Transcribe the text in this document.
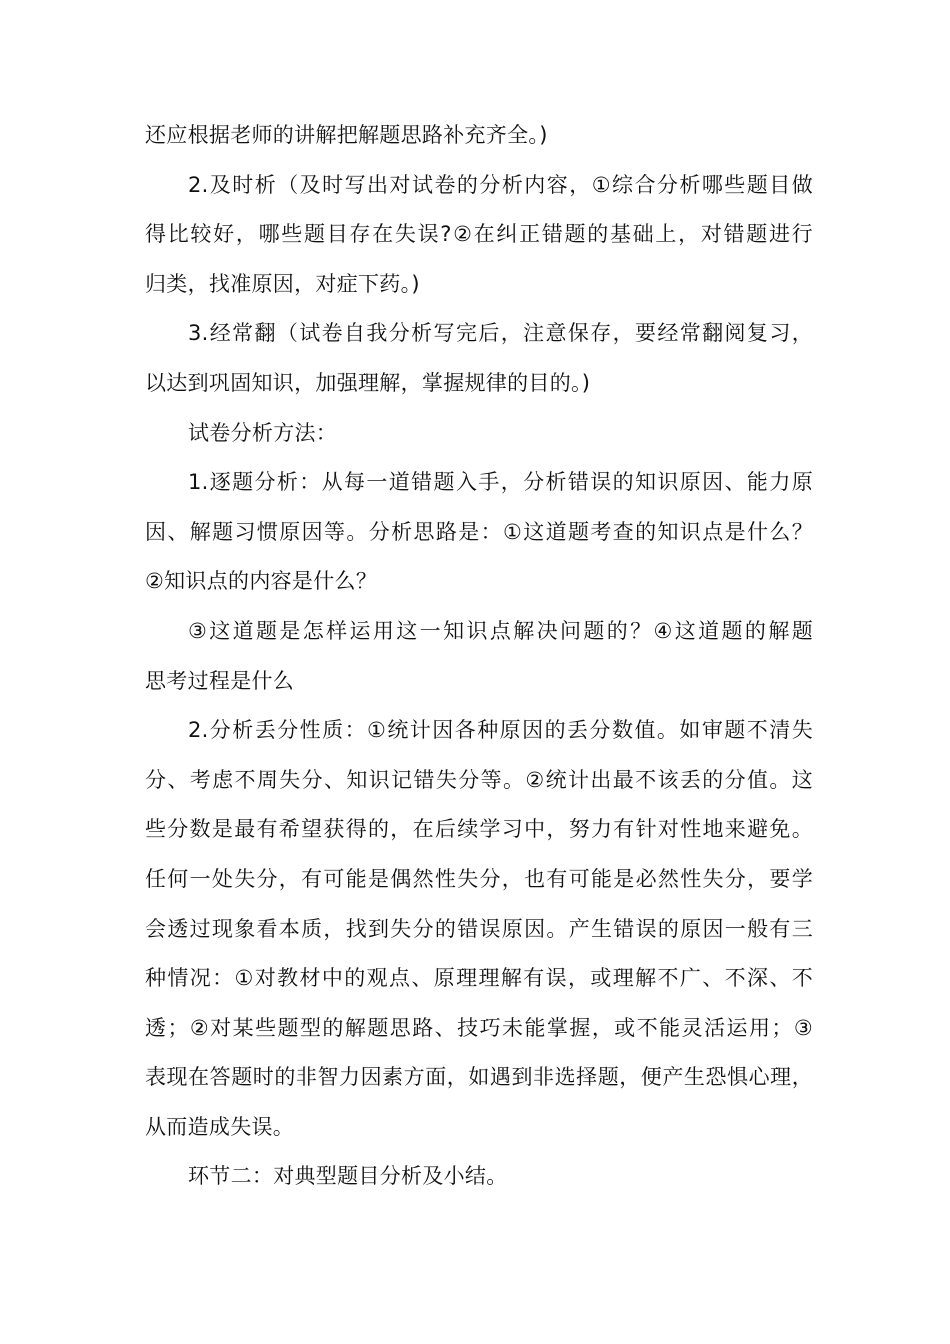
还应根据老师的讲解把解题思路补充齐全。)
2.及时析（及时写出对试卷的分析内容，①综合分析哪些题目做
得比较好，哪些题目存在失误?②在纠正错题的基础上，对错题进行
归类，找准原因，对症下药。)
3.经常翻（试卷自我分析写完后，注意保存，要经常翻阅复习，
以达到巩固知识，加强理解，掌握规律的目的。)
试卷分析方法：
1.逐题分析：从每一道错题入手，分析错误的知识原因、能力原
因、解题习惯原因等。分析思路是：①这道题考查的知识点是什么？
②知识点的内容是什么？
③这道题是怎样运用这一知识点解决问题的？④这道题的解题
思考过程是什么
2.分析丢分性质：①统计因各种原因的丢分数值。如审题不清失
分、考虑不周失分、知识记错失分等。②统计出最不该丢的分值。这
些分数是最有希望获得的，在后续学习中，努力有针对性地来避免。
任何一处失分，有可能是偶然性失分，也有可能是必然性失分，要学
会透过现象看本质，找到失分的错误原因。产生错误的原因一般有三
种情况：①对教材中的观点、原理理解有误，或理解不广、不深、不
透；②对某些题型的解题思路、技巧未能掌握，或不能灵活运用；③
表现在答题时的非智力因素方面，如遇到非选择题，便产生恐惧心理，
从而造成失误。
环节二：对典型题目分析及小结。
